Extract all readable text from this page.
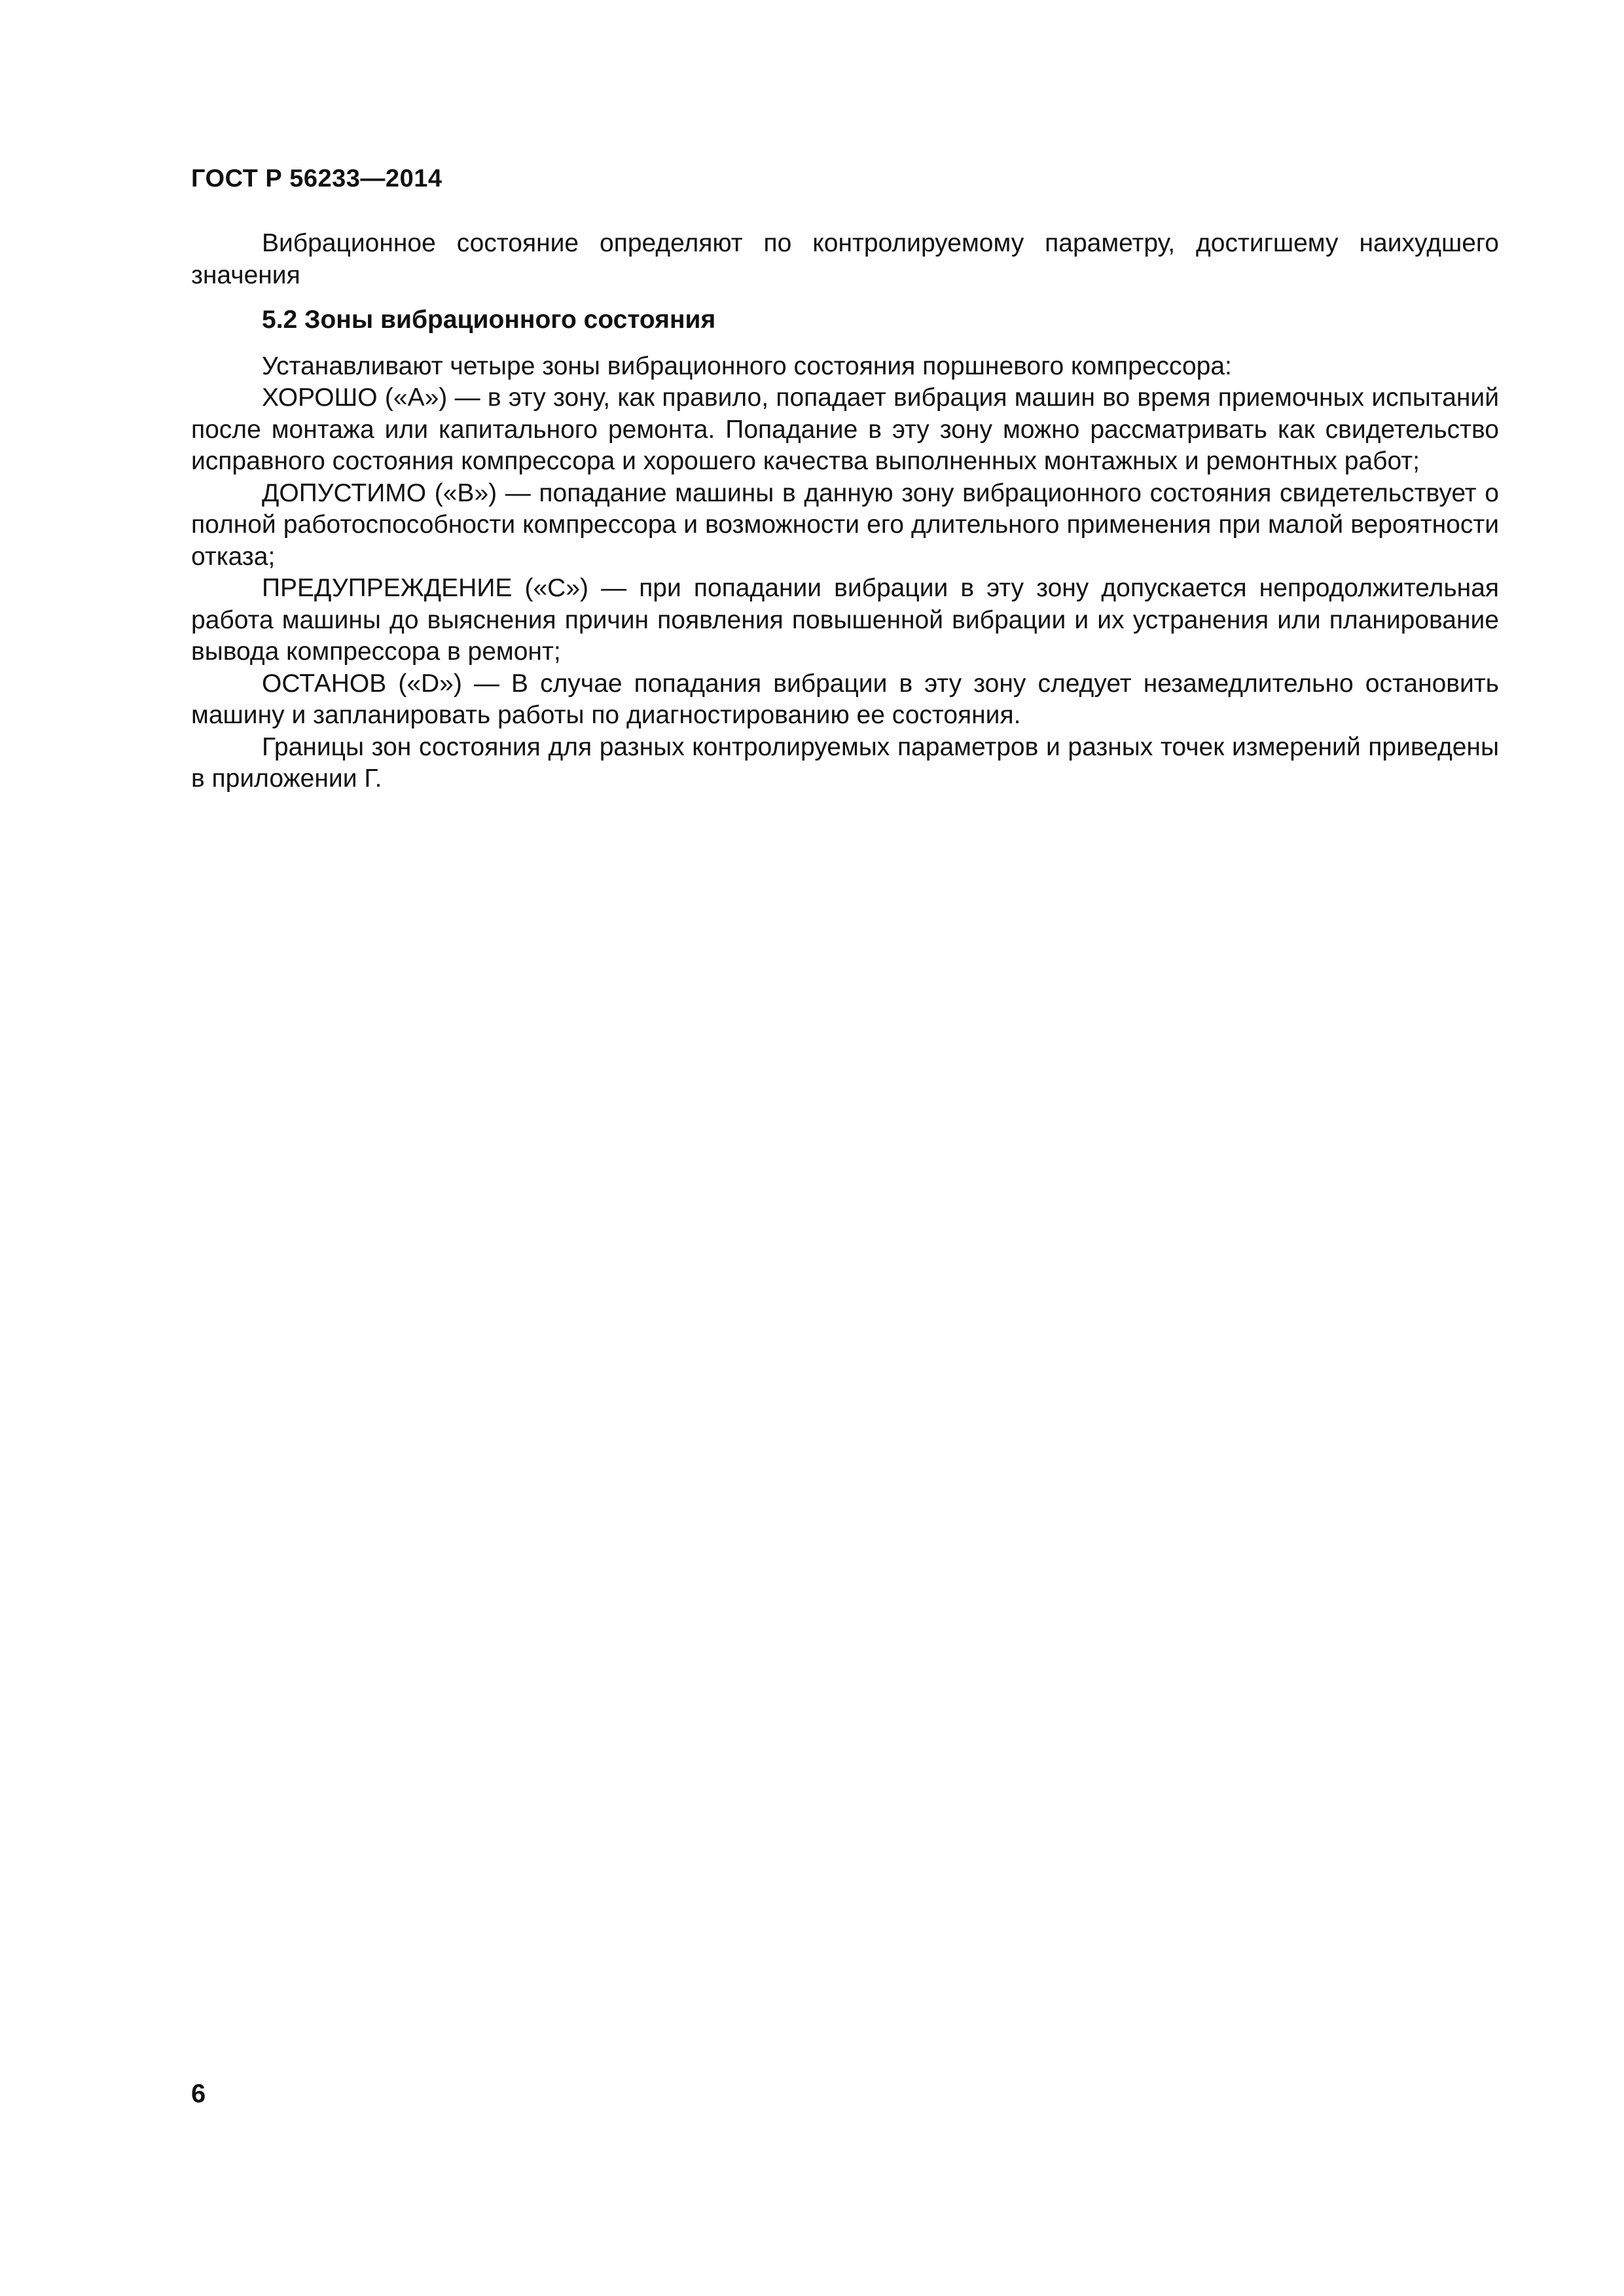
ГОСТ Р 56233—2014

Вибрационное состояние определяют по контролируемому параметру, достигшему наихудшего значения

5.2 Зоны вибрационного состояния

Устанавливают четыре зоны вибрационного состояния поршневого компрессора:

ХОРОШО («А») — в эту зону, как правило, попадает вибрация машин во время приемочных испытаний после монтажа или капитального ремонта. Попадание в эту зону можно рассматривать как свидетельство исправного состояния компрессора и хорошего качества выполненных монтажных и ремонтных работ;

ДОПУСТИМО («В») — попадание машины в данную зону вибрационного состояния свидетельствует о полной работоспособности компрессора и возможности его длительного применения при малой вероятности отказа;

ПРЕДУПРЕЖДЕНИЕ («С») — при попадании вибрации в эту зону допускается непродолжительная работа машины до выяснения причин появления повышенной вибрации и их устранения или планирование вывода компрессора в ремонт;

ОСТАНОВ («D») — В случае попадания вибрации в эту зону следует незамедлительно остановить машину и запланировать работы по диагностированию ее состояния.

Границы зон состояния для разных контролируемых параметров и разных точек измерений приведены в приложении Г.

6
